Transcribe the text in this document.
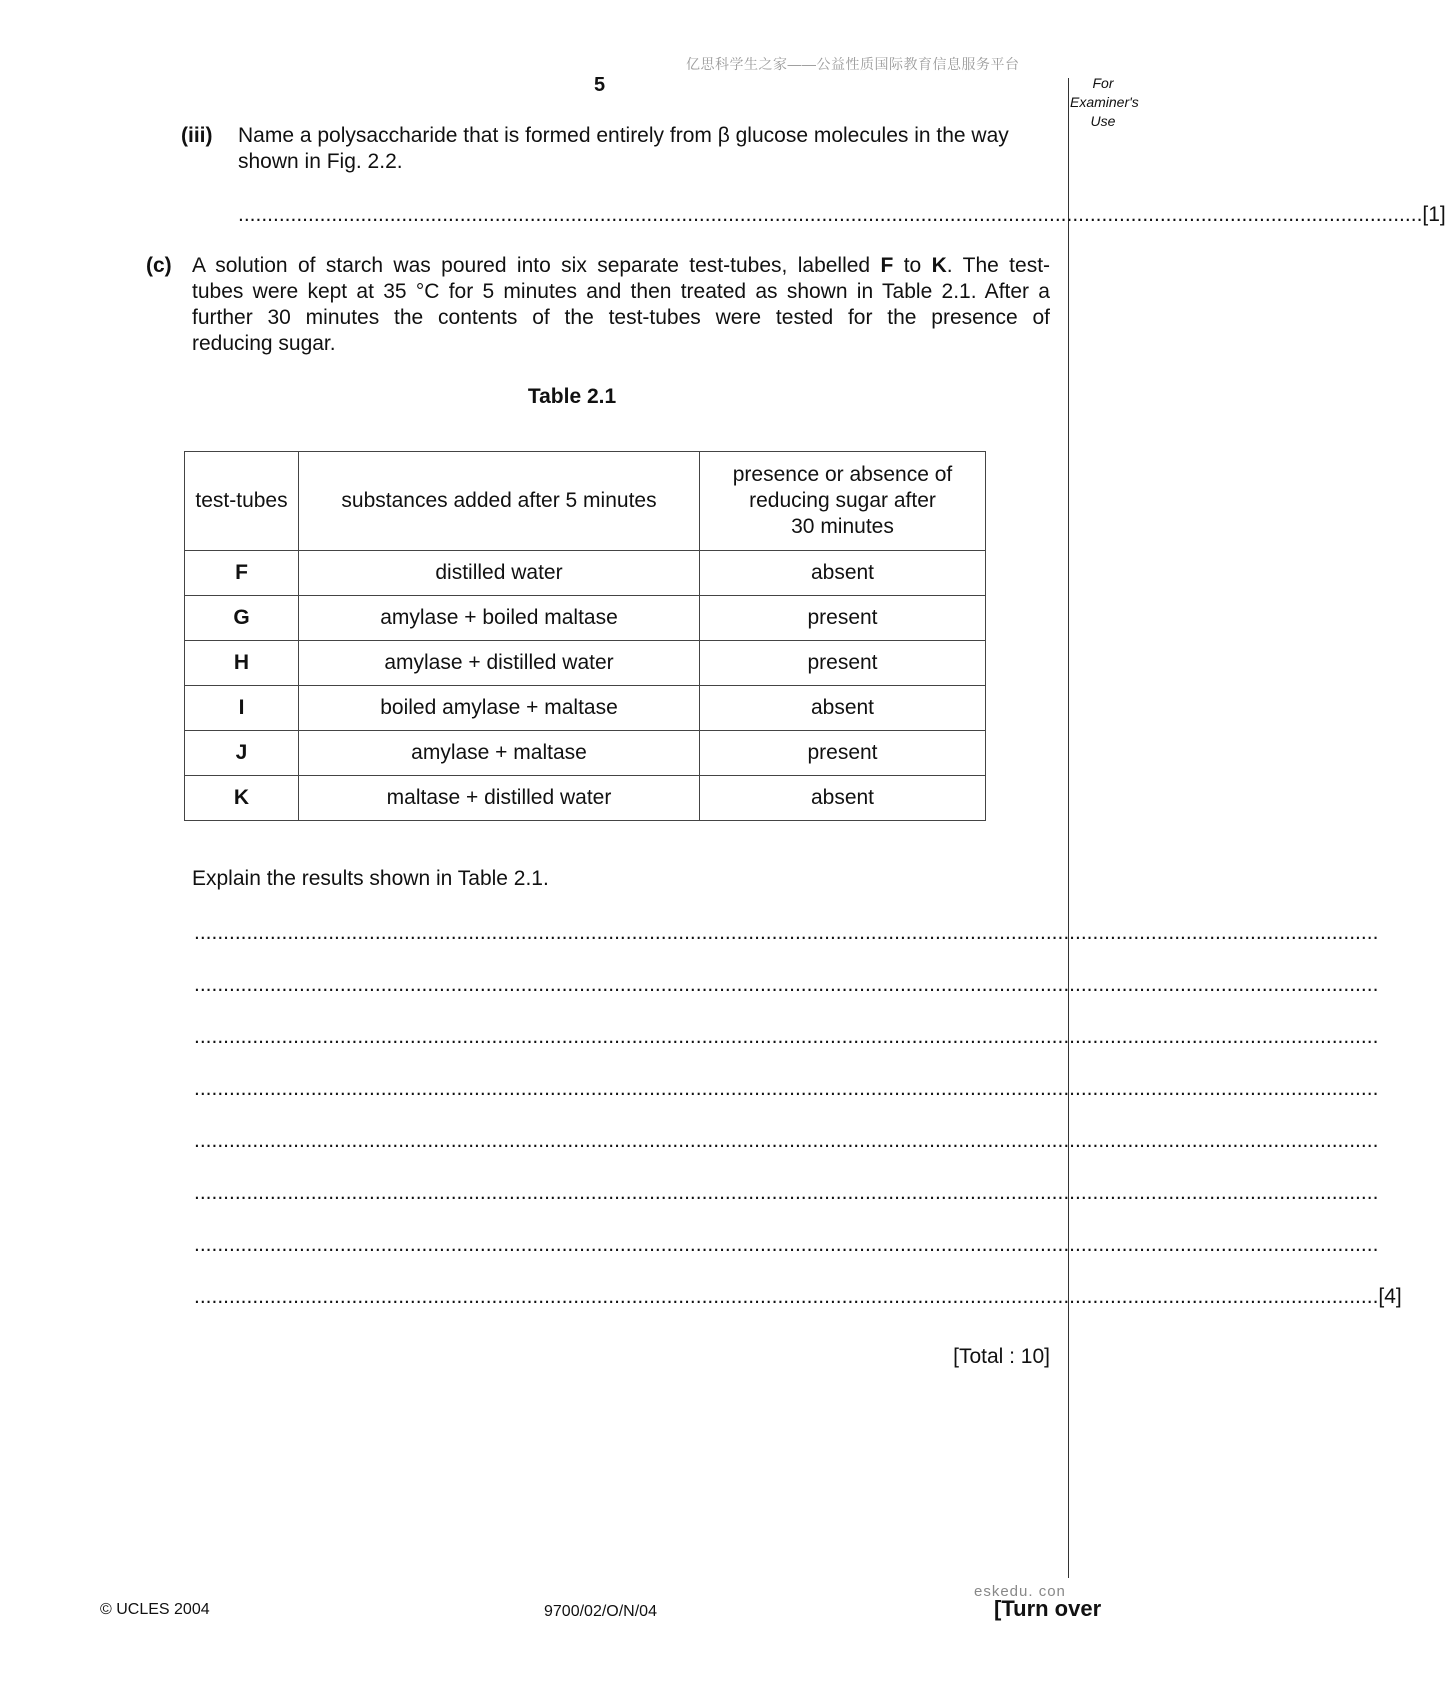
亿思科学生之家——公益性质国际教育信息服务平台
5	For
Examiner's
Use
(iii) Name a polysaccharide that is formed entirely from β glucose molecules in the way
shown in Fig. 2.2.
........................................................................................................................................................................................................... [1]
(c) A solution of starch was poured into six separate test-tubes, labelled F to K. The test-
tubes were kept at 35 °C for 5 minutes and then treated as shown in Table 2.1. After a
further 30 minutes the contents of the test-tubes were tested for the presence of
reducing sugar.
Table 2.1
test-tubes	substances added after 5 minutes	presence or absence of
reducing sugar after
30 minutes

F	distilled water	absent
G	amylase + boiled maltase	present
H	amylase + distilled water	present
I	boiled amylase + maltase	absent
J	amylase + maltase	present
K	maltase + distilled water	absent
Explain the results shown in Table 2.1.
...........................................................................................................................................................................................................
...........................................................................................................................................................................................................
...........................................................................................................................................................................................................
...........................................................................................................................................................................................................
...........................................................................................................................................................................................................
...........................................................................................................................................................................................................
...........................................................................................................................................................................................................
........................................................................................................................................................................................................... [4]
[Total : 10]
© UCLES 2004	9700/02/O/N/04
eskedu. con
[Turn over
